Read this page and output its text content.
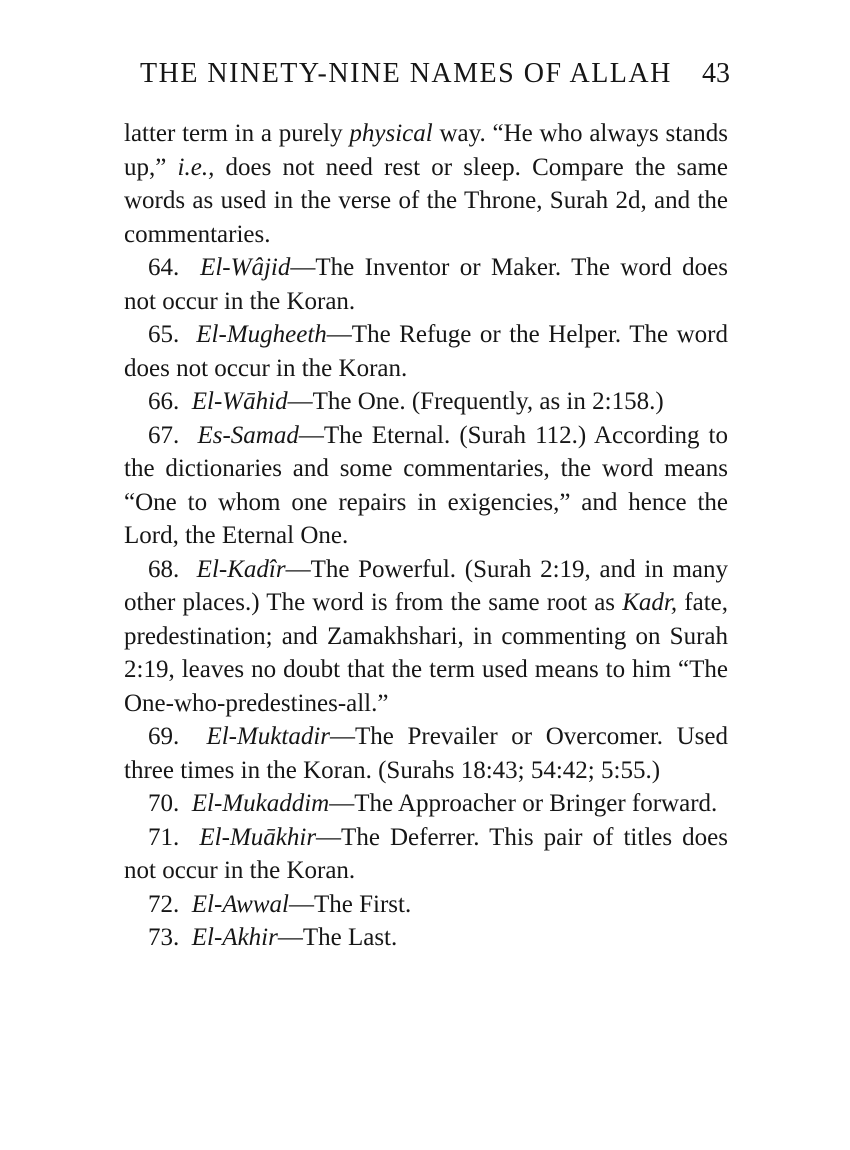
THE NINETY-NINE NAMES OF ALLAH 43

latter term in a purely physical way. “He who always stands up,” i.e., does not need rest or sleep. Compare the same words as used in the verse of the Throne, Surah 2d, and the commentaries.

64. El-Wâjid—The Inventor or Maker. The word does not occur in the Koran.

65. El-Mugheeth—The Refuge or the Helper. The word does not occur in the Koran.

66. El-Wāhid—The One. (Frequently, as in 2:158.)

67. Es-Samad—The Eternal. (Surah 112.) According to the dictionaries and some commentaries, the word means “One to whom one repairs in exigencies,” and hence the Lord, the Eternal One.

68. El-Kadîr—The Powerful. (Surah 2:19, and in many other places.) The word is from the same root as Kadr, fate, predestination; and Zamakhshari, in commenting on Surah 2:19, leaves no doubt that the term used means to him “The One-who-predestines-all.”

69. El-Muktadir—The Prevailer or Overcomer. Used three times in the Koran. (Surahs 18:43; 54:42; 5:55.)

70. El-Mukaddim—The Approacher or Bringer forward.

71. El-Muākhir—The Deferrer. This pair of titles does not occur in the Koran.

72. El-Awwal—The First.

73. El-Akhir—The Last.
